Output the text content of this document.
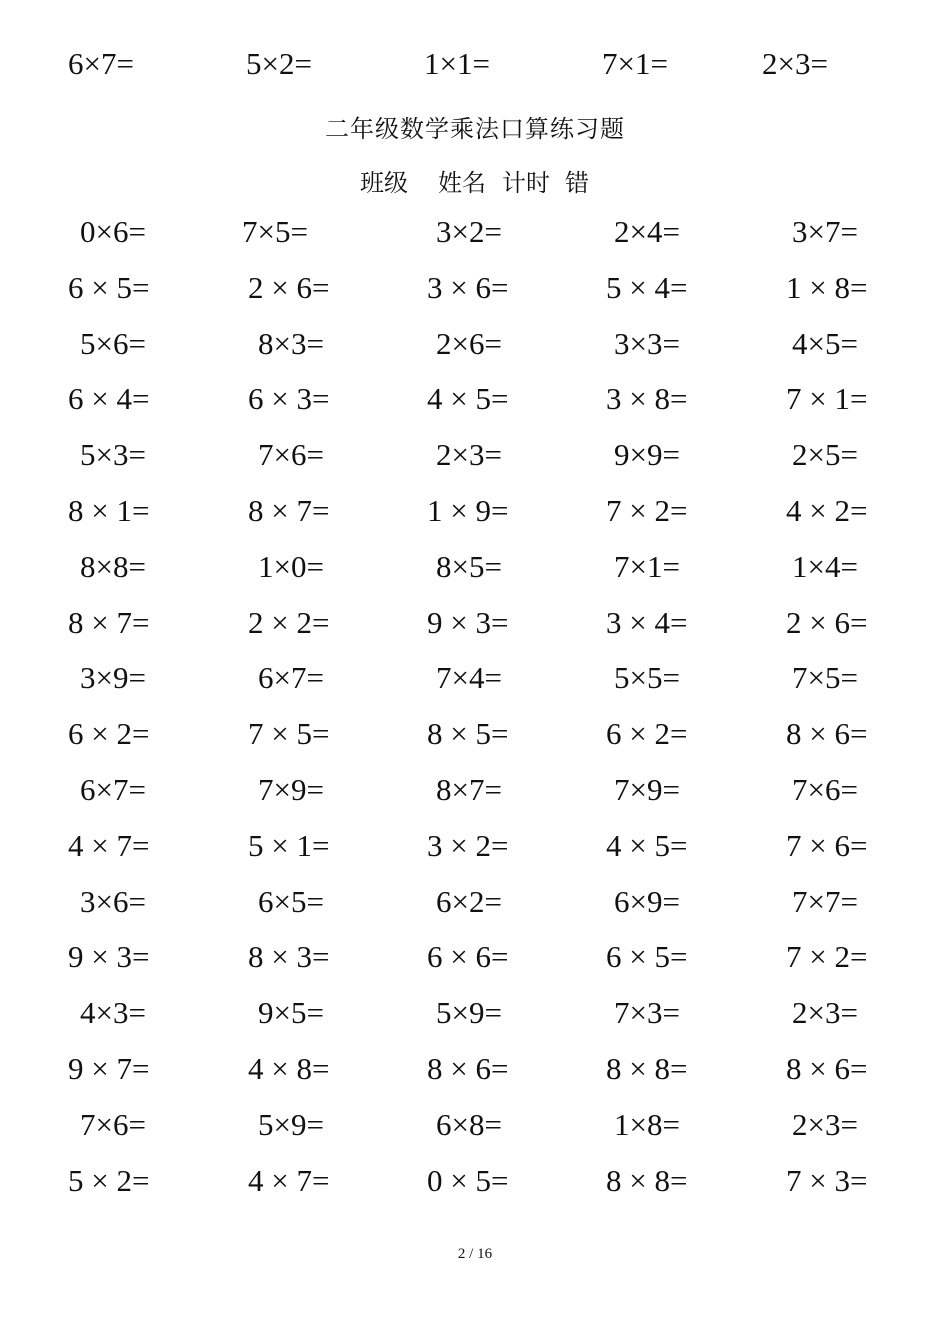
6×7=	5×2=	1×1=	7×1=	2×3=
二年级数学乘法口算练习题
班级 姓名 计时 错
0×6=	7×5=	3×2=	2×4=	3×7=
6 × 5=	2 × 6=	3 × 6=	5 × 4=	1 × 8=
5×6=	8×3=	2×6=	3×3=	4×5=
6 × 4=	6 × 3=	4 × 5=	3 × 8=	7 × 1=
5×3=	7×6=	2×3=	9×9=	2×5=
8 × 1=	8 × 7=	1 × 9=	7 × 2=	4 × 2=
8×8=	1×0=	8×5=	7×1=	1×4=
8 × 7=	2 × 2=	9 × 3=	3 × 4=	2 × 6=
3×9=	6×7=	7×4=	5×5=	7×5=
6 × 2=	7 × 5=	8 × 5=	6 × 2=	8 × 6=
6×7=	7×9=	8×7=	7×9=	7×6=
4 × 7=	5 × 1=	3 × 2=	4 × 5=	7 × 6=
3×6=	6×5=	6×2=	6×9=	7×7=
9 × 3=	8 × 3=	6 × 6=	6 × 5=	7 × 2=
4×3=	9×5=	5×9=	7×3=	2×3=
9 × 7=	4 × 8=	8 × 6=	8 × 8=	8 × 6=
7×6=	5×9=	6×8=	1×8=	2×3=
5 × 2=	4 × 7=	0 × 5=	8 × 8=	7 × 3=
2 / 16
